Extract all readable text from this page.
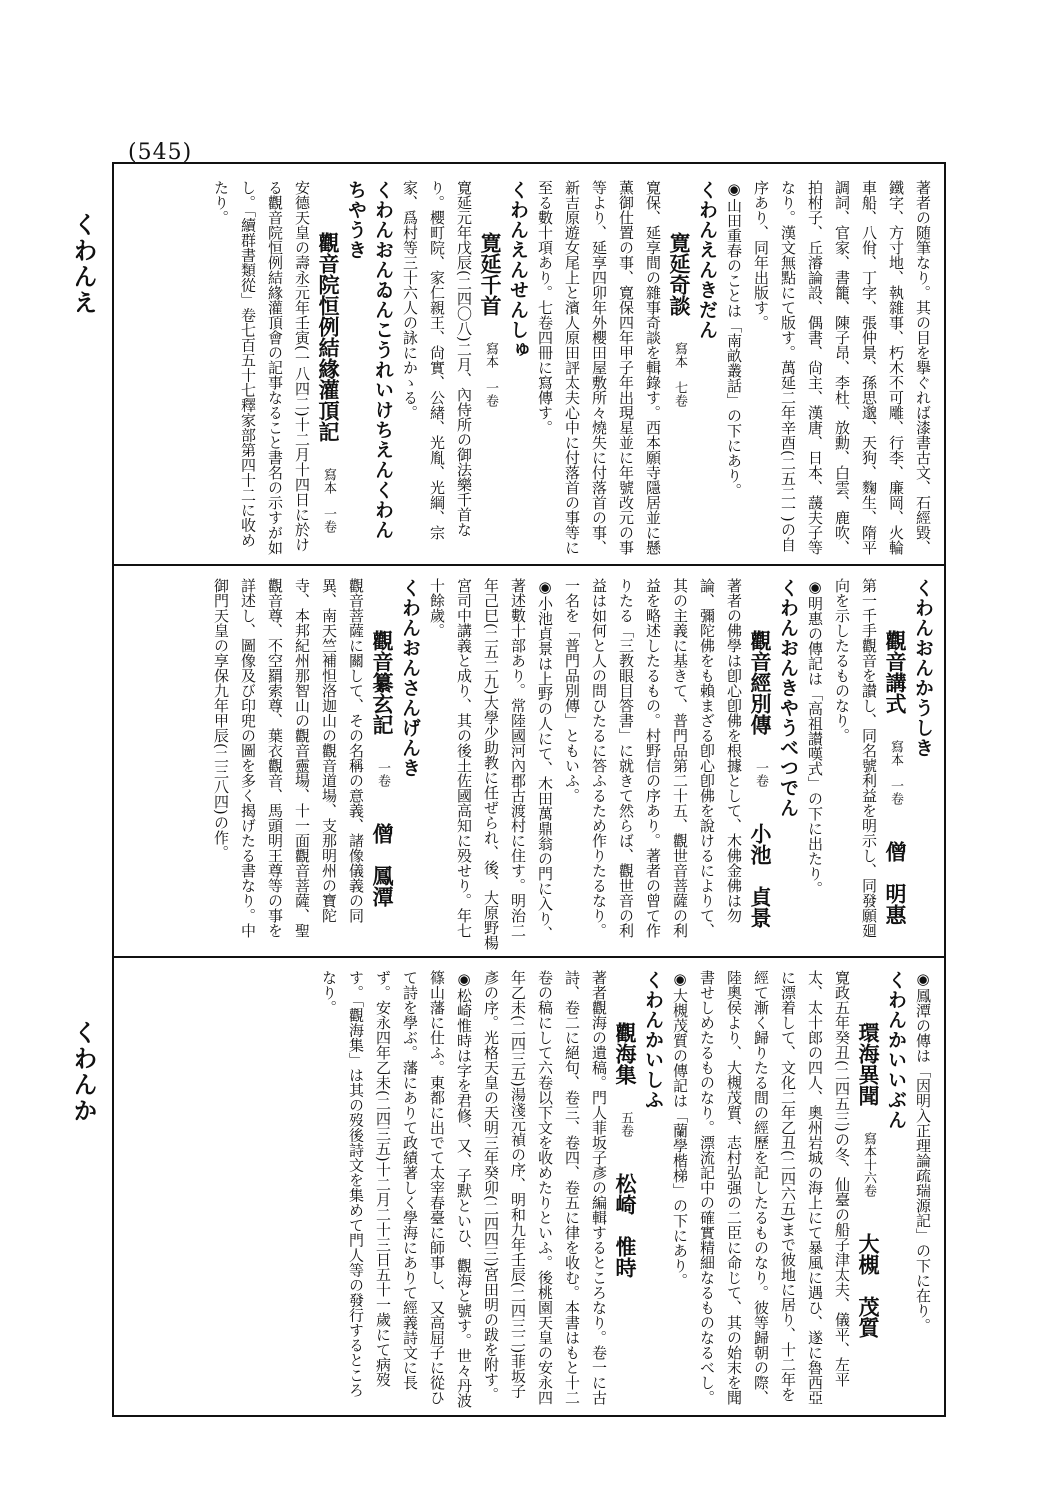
(545)
くわんえ
くわんか
著者の随筆なり。其の目を擧ぐれば漆書古文、石經毀、鐵字、方寸地、執雜事、朽木不可雕、行李、廉岡、火輪車船、八佾、丁字、張仲景、孫思邈、天狗、麴生、隋平調詞、官家、書籠、陳子昂、李杜、放勳、白雲、鹿吹、拍柎子、丘濬論設、偶書、尙主、漢唐、日本、蘐夫子等なり。漢文無點にて版す。萬延二年辛酉(二五二一)の自序あり、同年出版す。
◉山田重春のことは「南畝叢話」の下にあり。
くわんえんきだん
寛延奇談寫本　七卷
寛保、延享間の雜事奇談を輯錄す。西本願寺隱居並に懸薫御仕置の事、寛保四年甲子年出現星並に年號改元の事等より、延享四卯年外櫻田屋敷所々燒失に付落首の事、新吉原遊女尾上と濱人原田評太夫心中に付落首の事等に至る數十項あり。七卷四冊に寫傳す。
くわんえんせんしゅ
寛延千首寫本　一卷
寛延元年戊辰(二四〇八)二月、內侍所の御法樂千首なり。櫻町院、家仁親王、尙實、公緖、光胤、光綱、宗家、爲村等三十六人の詠にかゝる。
くわんおんゐんこうれいけちえんくわんちやうき
觀音院恒例結緣灌頂記寫本　一卷
安德天皇の壽永元年壬寅(一八四二)十二月十四日に於ける觀音院恒例結緣灌頂會の記事なること書名の示すが如し。「續群書類從」卷七百五十七釋家部第四十二に收めたり。
くわんおんかうしき
觀音講式寫本　一卷僧　明惠
第一千手觀音を讃し、同名號利益を明示し、同發願廻向を示したるものなり。
◉明惠の傳記は「高祖讃嘆式」の下に出たり。
くわんおんきやうべつでん
觀音經別傳一卷小池　貞景
著者の佛學は卽心卽佛を根據として、木佛金佛は勿論、彌陀佛をも賴まざる卽心卽佛を說けるによりて、其の主義に基きて、普門品第二十五、觀世音菩薩の利益を略述したるもの。村野信の序あり。著者の曾て作りたる「三教眼目答書」に就きて然らば、觀世音の利益は如何と人の問ひたるに答ふるため作りたるなり。一名を「普門品別傳」ともいふ。
◉小池貞景は上野の人にて、木田萬鼎翁の門に入り、著述數十部あり。常陸國河內郡古渡村に住す。明治二年己巳(二五二九)大學少助教に任ぜられ、後、大原野楊宮司中講義と成り、其の後土佐國高知に殁せり。年七十餘歲。
くわんおんさんげんき
觀音纂玄記一卷僧　鳳潭
觀音菩薩に關して、その名稱の意義、諸像儀義の同異、南天竺補怛洛迦山の觀音道場、支那明州の寶陀寺、本邦紀州那智山の觀音靈場、十一面觀音菩薩、聖觀音尊、不空羂索尊、葉衣觀音、馬頭明王尊等の事を詳述し、圖像及び印兜の圖を多く揭げたる書なり。中御門天皇の享保九年甲辰(二三八四)の作。
◉鳳潭の傳は「因明入正理論疏瑞源記」の下に在り。
くわんかいいぶん
環海異聞寫本十六卷大槻　茂質
寛政五年癸丑(二四五三)の冬、仙臺の船子津太夫、儀平、左平太、太十郎の四人、奧州岩城の海上にて暴風に遇ひ、遂に魯西亞に漂着して、文化二年乙丑(二四六五)まで彼地に居り、十二年を經て漸く歸りたる間の經歷を記したるものなり。彼等歸朝の際、陸奧侯より、大槻茂質、志村弘强の二臣に命じて、其の始末を聞書せしめたるものなり。漂流記中の確實精細なるものなるべし。
◉大槻茂質の傳記は「蘭學楷梯」の下にあり。
くわんかいしふ
觀海集五卷松崎　惟時
著者觀海の遺稿。門人菲坂子彥の編輯するところなり。卷一に古詩、卷二に絕句、卷三、卷四、卷五に律を收む。本書はもと十二卷の稿にして六卷以下文を收めたりといふ。後桃園天皇の安永四年乙未(二四三五)湯淺元禎の序、明和九年壬辰(二四三二)菲坂子彥の序。光格天皇の天明三年癸卯(二四四三)宮田明の跋を附す。
◉松崎惟時は字を君修、又、子默といひ、觀海と號す。世々丹波篠山藩に仕ふ。東都に出でて太宰春臺に師事し、又高屈子に從ひて詩を學ぶ。藩にありて政績著しく學海にありて經義詩文に長ず。安永四年乙未(二四三五)十二月二十三日五十一歲にて病歿す。「觀海集」は其の歿後詩文を集めて門人等の發行するところなり。
